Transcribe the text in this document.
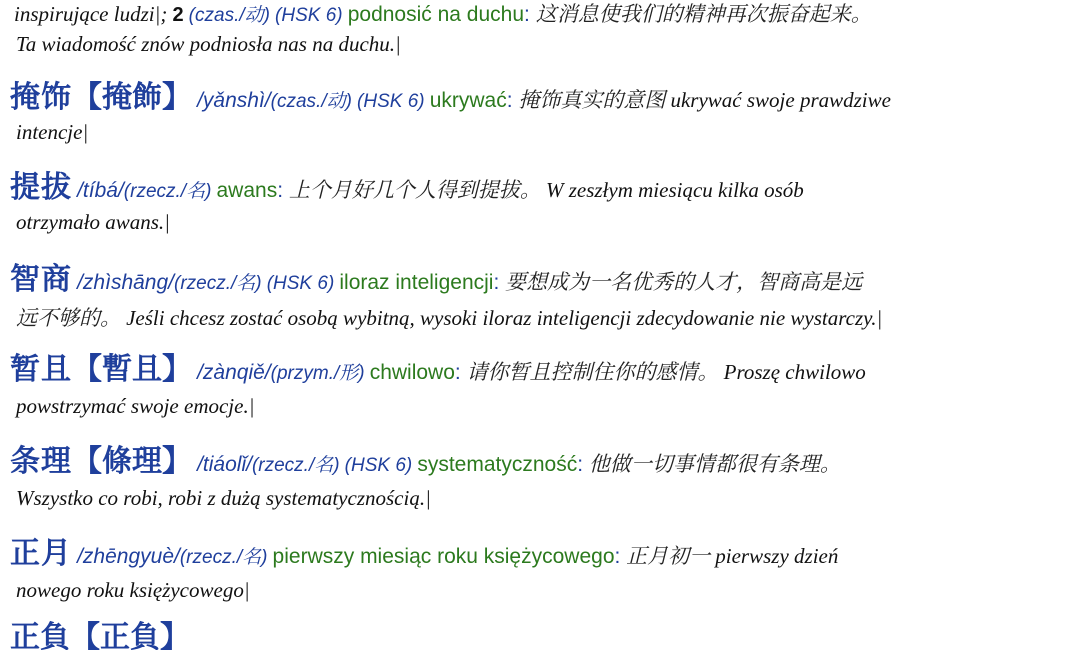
inspirujące ludzi|; 2 (czas./动) (HSK 6) podnosić na duchu: 这消息使我们的精神再次振奋起来。
Ta wiadomość znów podniosła nas na duchu.|
掩饰【掩飾】 /yǎnshì/(czas./动) (HSK 6) ukrywać: 掩饰真实的意图 ukrywać swoje prawdziwe
intencje|
提拔 /tíbá/(rzecz./名) awans: 上个月好几个人得到提拔。 W zeszłym miesiącu kilka osób
otrzymało awans.|
智商 /zhìshāng/(rzecz./名) (HSK 6) iloraz inteligencji: 要想成为一名优秀的人才，智商高是远
远不够的。 Jeśli chcesz zostać osobą wybitną, wysoki iloraz inteligencji zdecydowanie nie wystarczy.|
暂且【暫且】 /zànqiě/(przym./形) chwilowo: 请你暂且控制住你的感情。 Proszę chwilowo
powstrzymać swoje emocje.|
条理【條理】 /tiáolǐ/(rzecz./名) (HSK 6) systematyczność: 他做一切事情都很有条理。
Wszystko co robi, robi z dużą systematycznością.|
正月 /zhēngyuè/(rzecz./名) pierwszy miesiąc roku księżycowego: 正月初一 pierwszy dzień
nowego roku księżycowego|
正負【正負】
